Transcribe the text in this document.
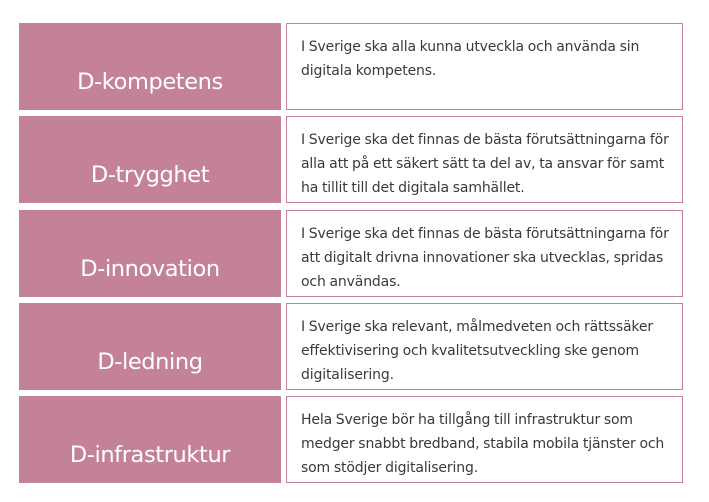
D-kompetens

I Sverige ska alla kunna utveckla och använda sin
digitala kompetens.

D-trygghet

I Sverige ska det finnas de bästa förutsättningarna för
alla att på ett säkert sätt ta del av, ta ansvar för samt
ha tillit till det digitala samhället.

D-innovation

I Sverige ska det finnas de bästa förutsättningarna för
att digitalt drivna innovationer ska utvecklas, spridas
och användas.

D-ledning

I Sverige ska relevant, målmedveten och rättssäker
effektivisering och kvalitetsutveckling ske genom
digitalisering.

D-infrastruktur

Hela Sverige bör ha tillgång till infrastruktur som
medger snabbt bredband, stabila mobila tjänster och
som stödjer digitalisering.
